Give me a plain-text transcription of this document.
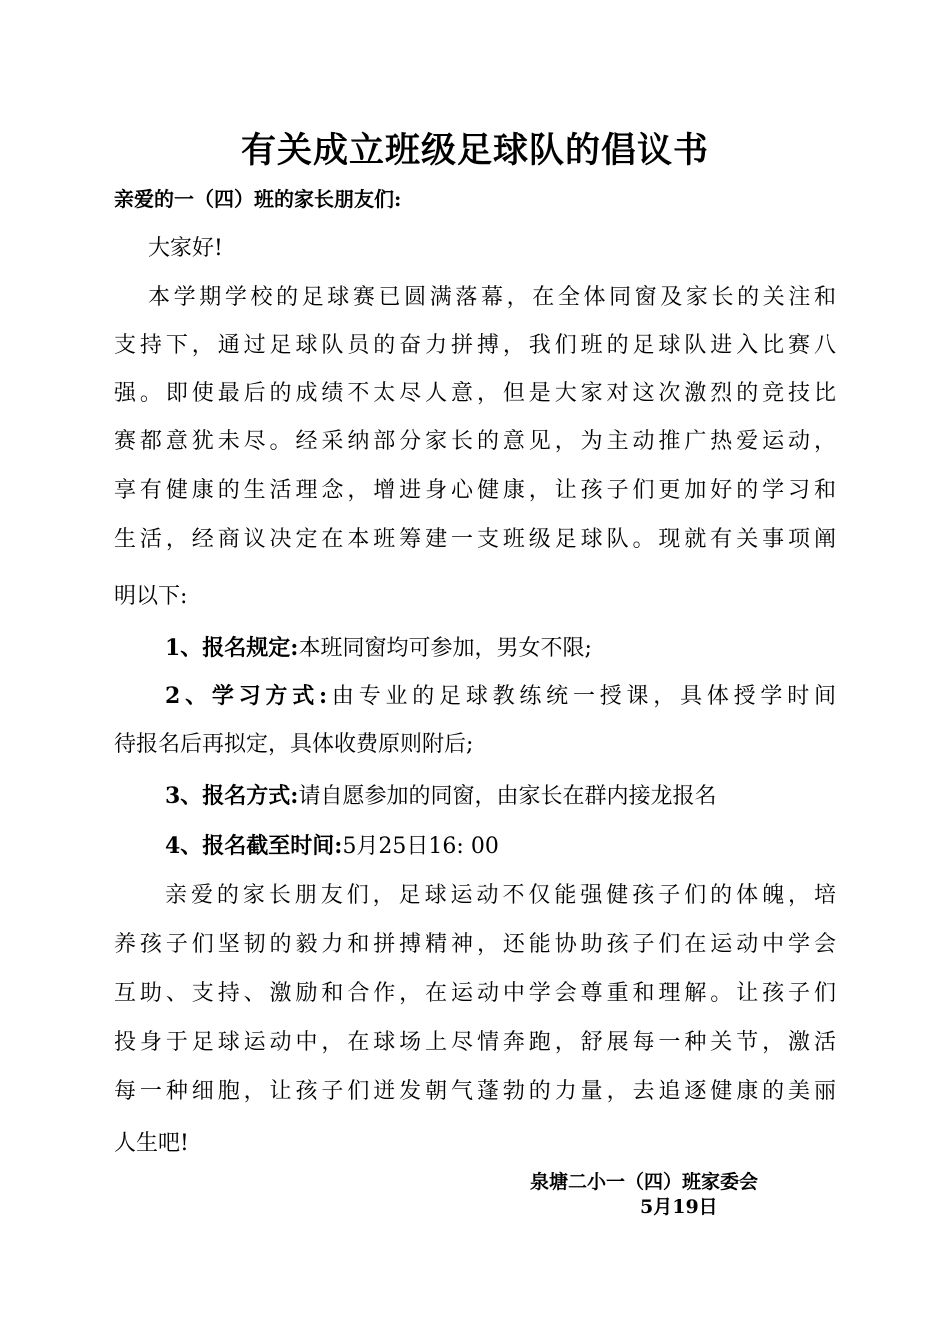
有关成立班级足球队的倡议书
亲爱的一（四）班的家长朋友们:
大家好!
本学期学校的足球赛已圆满落幕，在全体同窗及家长的关注和
支持下，通过足球队员的奋力拼搏，我们班的足球队进入比赛八
强。即使最后的成绩不太尽人意，但是大家对这次激烈的竞技比
赛都意犹未尽。经采纳部分家长的意见，为主动推广热爱运动，
享有健康的生活理念，增进身心健康，让孩子们更加好的学习和
生活，经商议决定在本班筹建一支班级足球队。现就有关事项阐
明以下:
1、报名规定:本班同窗均可参加，男女不限;
2、学习方式:由专业的足球教练统一授课，具体授学时间
待报名后再拟定，具体收费原则附后;
3、报名方式:请自愿参加的同窗，由家长在群内接龙报名
4、报名截至时间:5月25日16: 00
亲爱的家长朋友们，足球运动不仅能强健孩子们的体魄，培
养孩子们坚韧的毅力和拼搏精神，还能协助孩子们在运动中学会
互助、支持、激励和合作，在运动中学会尊重和理解。让孩子们
投身于足球运动中，在球场上尽情奔跑，舒展每一种关节，激活
每一种细胞，让孩子们迸发朝气蓬勃的力量，去追逐健康的美丽
人生吧!
泉塘二小一（四）班家委会
5月19日
